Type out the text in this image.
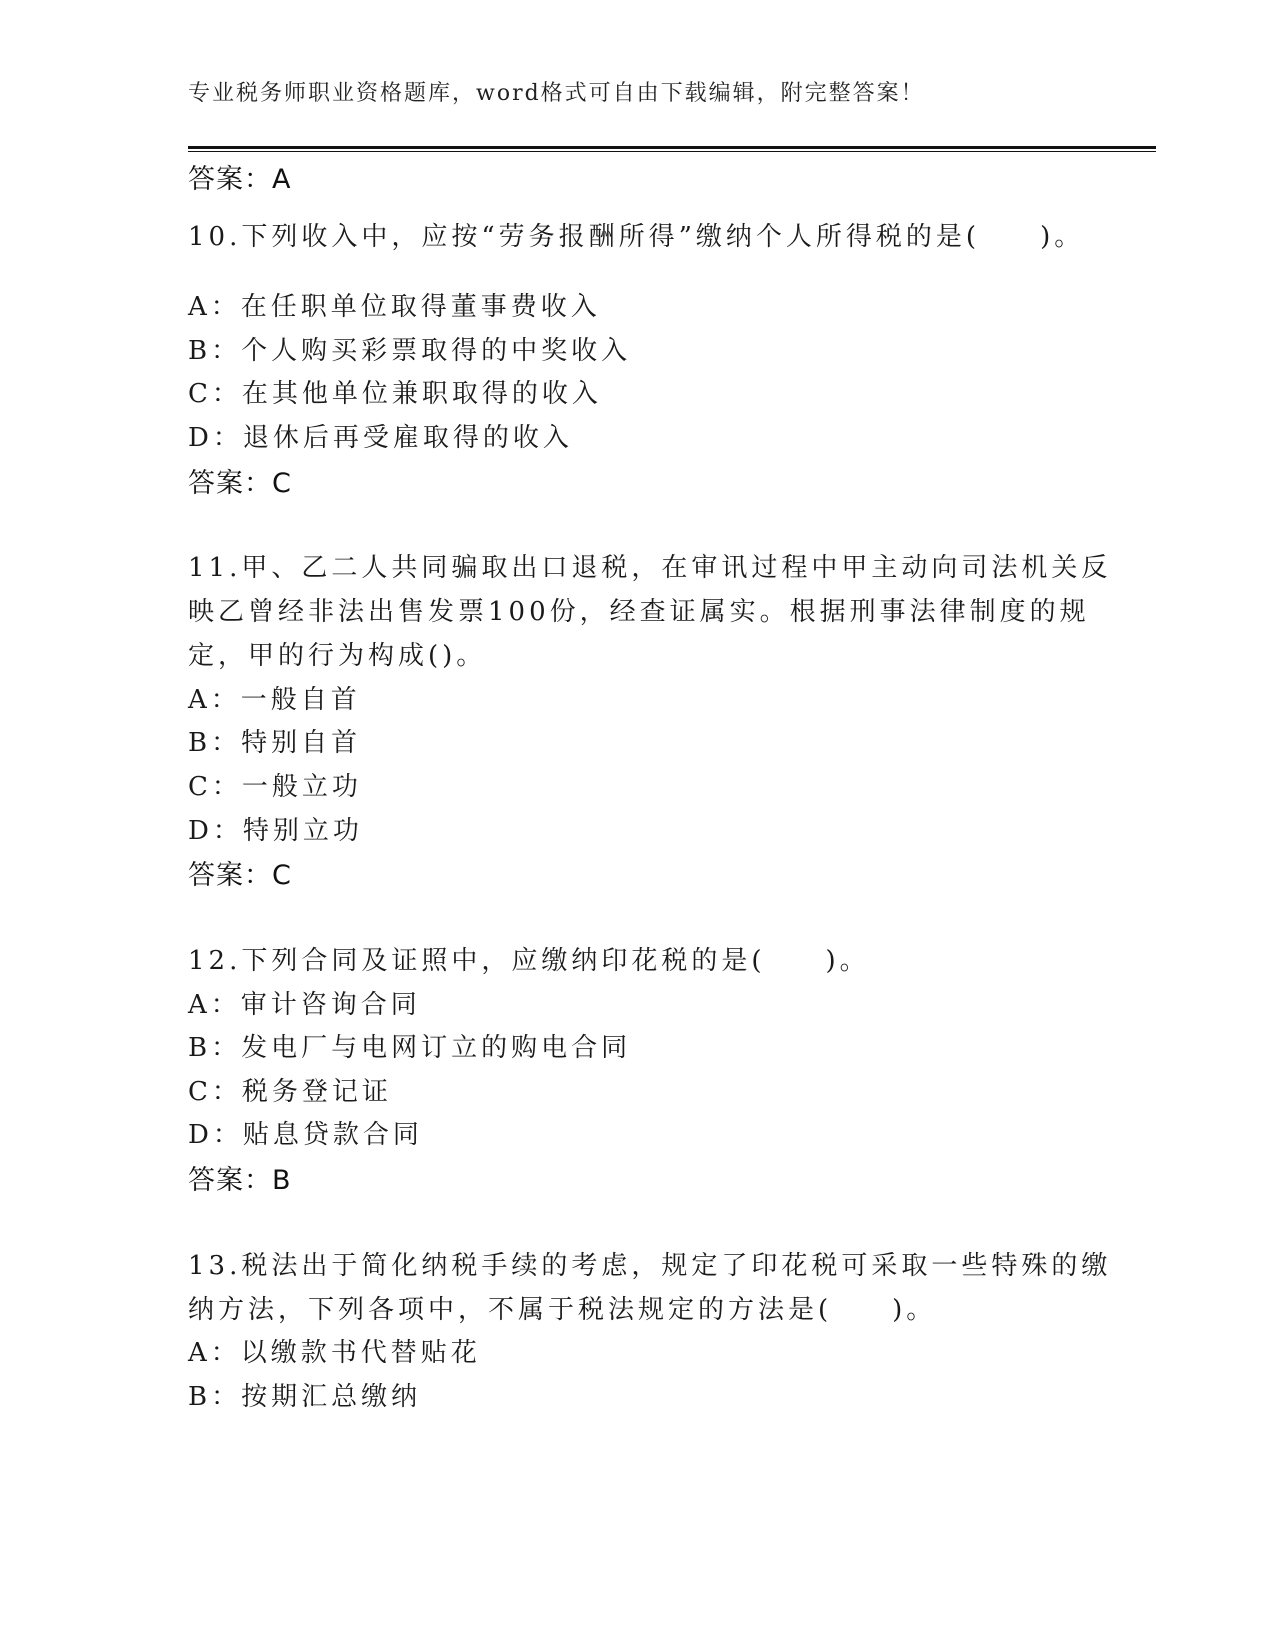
专业税务师职业资格题库，word格式可自由下载编辑，附完整答案！
答案：A
10.下列收入中，应按“劳务报酬所得”缴纳个人所得税的是(　　)。
A：在任职单位取得董事费收入
B：个人购买彩票取得的中奖收入
C：在其他单位兼职取得的收入
D：退休后再受雇取得的收入
答案：C
11.甲、乙二人共同骗取出口退税，在审讯过程中甲主动向司法机关反
映乙曾经非法出售发票100份，经查证属实。根据刑事法律制度的规
定，甲的行为构成()。
A：一般自首
B：特别自首
C：一般立功
D：特别立功
答案：C
12.下列合同及证照中，应缴纳印花税的是(　　)。
A：审计咨询合同
B：发电厂与电网订立的购电合同
C：税务登记证
D：贴息贷款合同
答案：B
13.税法出于简化纳税手续的考虑，规定了印花税可采取一些特殊的缴
纳方法，下列各项中，不属于税法规定的方法是(　　)。
A：以缴款书代替贴花
B：按期汇总缴纳
